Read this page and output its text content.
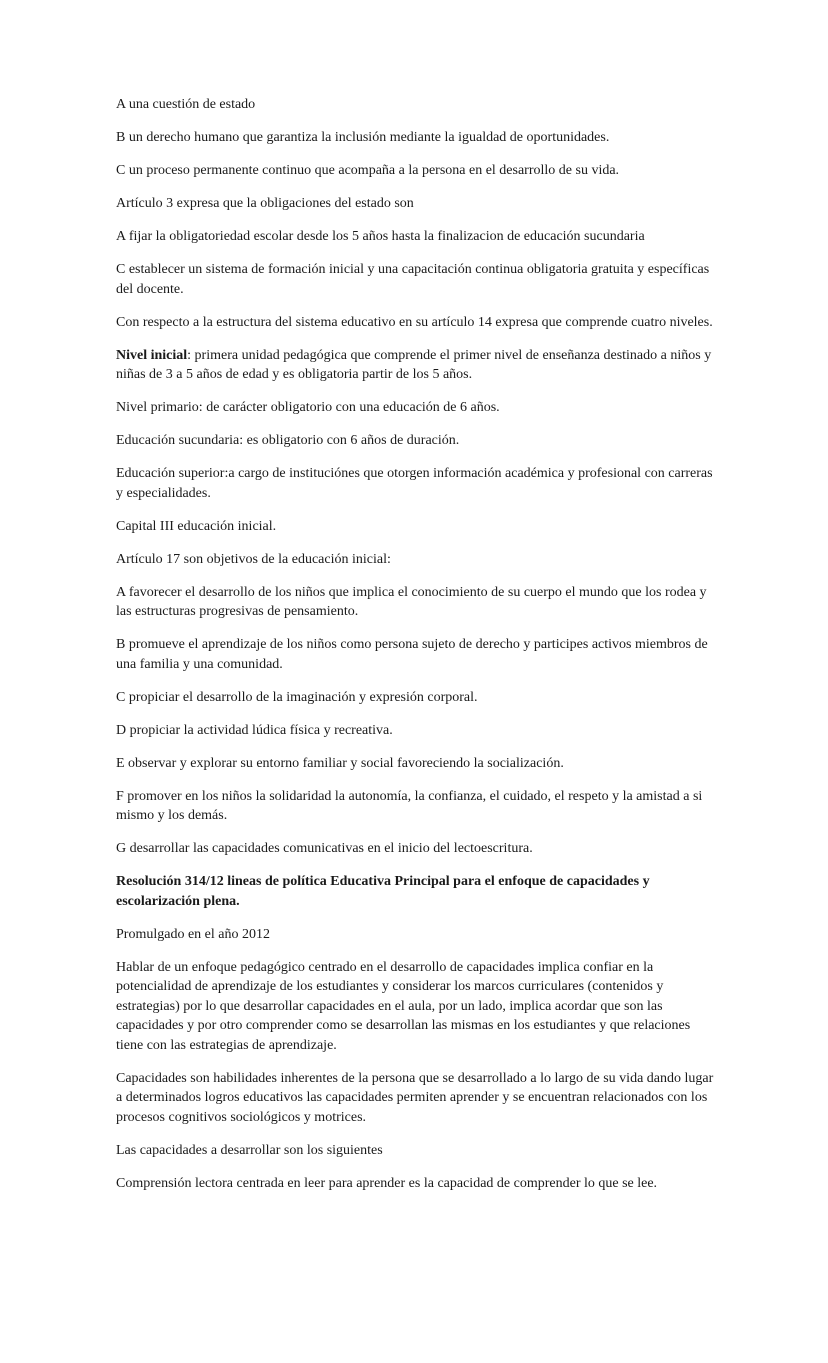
A una cuestión de estado

B un derecho humano que garantiza la inclusión mediante la igualdad de oportunidades.

C un proceso permanente continuo que acompaña a la persona en el desarrollo de su vida.

Artículo 3 expresa que la obligaciones del estado son

A fijar la obligatoriedad escolar desde los 5 años hasta la finalizacion de educación sucundaria

C establecer un sistema de formación inicial y una capacitación continua obligatoria gratuita y específicas del docente.

Con respecto a la estructura del sistema educativo en su artículo 14 expresa que comprende cuatro niveles.

Nivel inicial: primera unidad pedagógica que comprende el primer nivel de enseñanza destinado a niños y niñas de 3 a 5 años de edad y es obligatoria partir de los 5 años.

Nivel primario: de carácter obligatorio con una educación de 6 años.

Educación sucundaria: es obligatorio con 6 años de duración.

Educación superior:a cargo de instituciónes que otorgen información académica y profesional con carreras y especialidades.

Capital III educación inicial.

Artículo 17 son objetivos de la educación inicial:

A favorecer el desarrollo de los niños que implica el conocimiento de su cuerpo el mundo que los rodea y las estructuras progresivas de pensamiento.

B promueve el aprendizaje de los niños como persona sujeto de derecho y participes activos miembros de una familia y una comunidad.

C propiciar el desarrollo de la imaginación y expresión corporal.

D propiciar la actividad lúdica física y recreativa.

E observar y explorar su entorno familiar y social favoreciendo la socialización.

F promover en los niños la solidaridad la autonomía, la confianza, el cuidado, el respeto y la amistad a si mismo y los demás.

G desarrollar las capacidades comunicativas en el inicio del lectoescritura.

Resolución 314/12 lineas de política Educativa Principal para el enfoque de capacidades y escolarización plena.

Promulgado en el año 2012

Hablar de un enfoque pedagógico centrado en el desarrollo de capacidades implica confiar en la potencialidad de aprendizaje de los estudiantes y considerar los marcos curriculares (contenidos y estrategias) por lo que desarrollar capacidades en el aula, por un lado, implica acordar que son las capacidades y por otro comprender como se desarrollan las mismas en los estudiantes y que relaciones tiene con las estrategias de aprendizaje.

Capacidades son habilidades inherentes de la persona que se desarrollado a lo largo de su vida dando lugar a determinados logros educativos las capacidades permiten aprender y se encuentran relacionados con los procesos cognitivos sociológicos y motrices.

Las capacidades a desarrollar son los siguientes

Comprensión lectora centrada en leer para aprender es la capacidad de comprender lo que se lee.
